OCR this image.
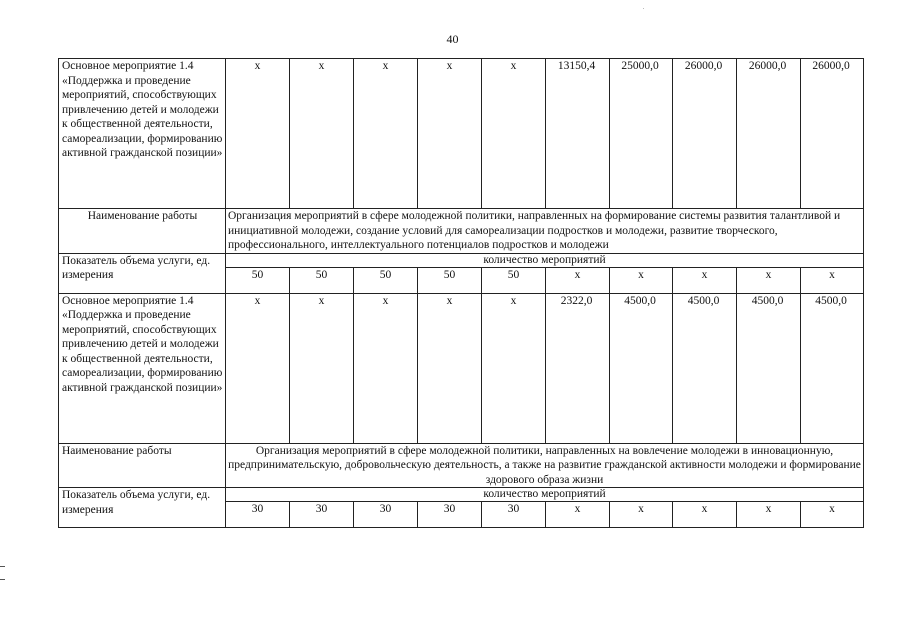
40
Основное мероприятие 1.4 «Поддержка и проведение мероприятий, способствующих привлечению детей и молодежи к общественной деятельности, самореализации, формированию активной гражданской позиции»	x	x	x	x	x	13150,4	25000,0	26000,0	26000,0	26000,0
Наименование работы	Организация мероприятий в сфере молодежной политики, направленных на формирование системы развития талантливой и инициативной молодежи, создание условий для самореализации подростков и молодежи, развитие творческого, профессионального, интеллектуального потенциалов подростков и молодежи									
Показатель объема услуги, ед. измерения	количество мероприятий									
	50	50	50	50	50	x	x	x	x	x
Основное мероприятие 1.4 «Поддержка и проведение мероприятий, способствующих привлечению детей и молодежи к общественной деятельности, самореализации, формированию активной гражданской позиции»	x	x	x	x	x	2322,0	4500,0	4500,0	4500,0	4500,0
Наименование работы	Организация мероприятий в сфере молодежной политики, направленных на вовлечение молодежи в инновационную, предпринимательскую, добровольческую деятельность, а также на развитие гражданской активности молодежи и формирование здорового образа жизни									
Показатель объема услуги, ед. измерения	количество мероприятий									
	30	30	30	30	30	x	x	x	x	x
